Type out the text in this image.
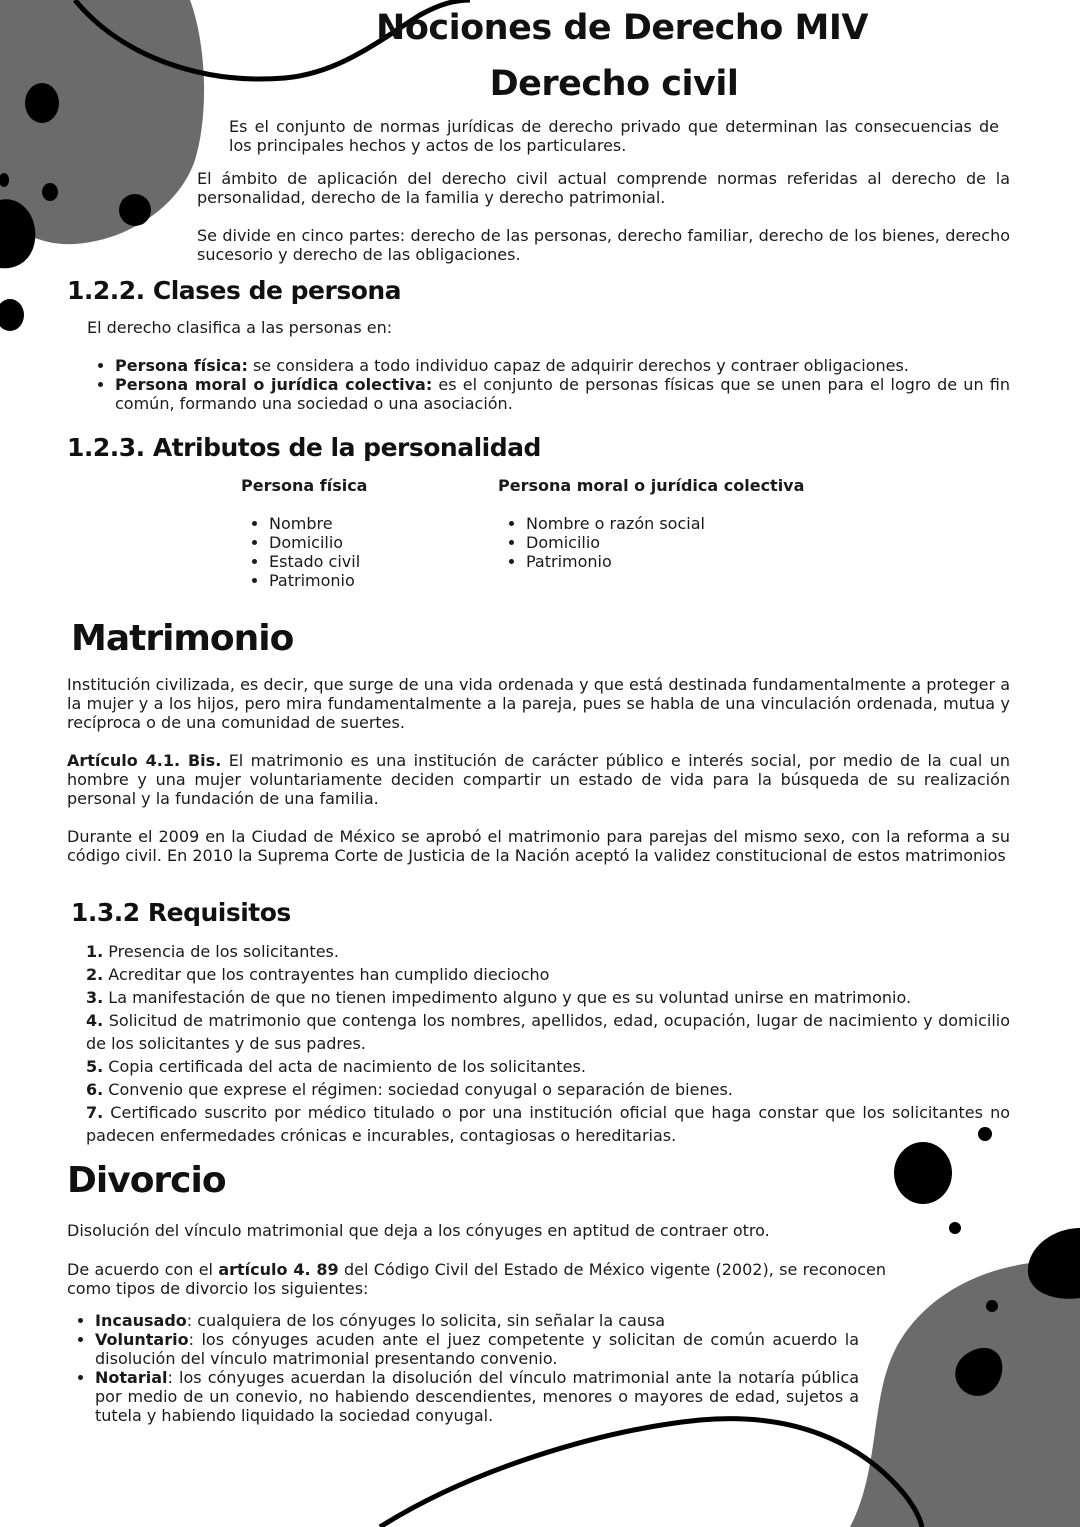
Nociones de Derecho MIV
Derecho civil

Es el conjunto de normas jurídicas de derecho privado que determinan las consecuencias de los principales hechos y actos de los particulares.

El ámbito de aplicación del derecho civil actual comprende normas referidas al derecho de la personalidad, derecho de la familia y derecho patrimonial.

Se divide en cinco partes: derecho de las personas, derecho familiar, derecho de los bienes, derecho sucesorio y derecho de las obligaciones.

1.2.2. Clases de persona

El derecho clasifica a las personas en:

• Persona física: se considera a todo individuo capaz de adquirir derechos y contraer obligaciones.
• Persona moral o jurídica colectiva: es el conjunto de personas físicas que se unen para el logro de un fin común, formando una sociedad o una asociación.
1.2.3. Atributos de la personalidad
Persona física
• Nombre
• Domicilio
• Estado civil
• Patrimonio
Persona moral o jurídica colectiva
• Nombre o razón social
• Domicilio
• Patrimonio
Matrimonio

Institución civilizada, es decir, que surge de una vida ordenada y que está destinada fundamentalmente a proteger a la mujer y a los hijos, pero mira fundamentalmente a la pareja, pues se habla de una vinculación ordenada, mutua y recíproca o de una comunidad de suertes.

Artículo 4.1. Bis. El matrimonio es una institución de carácter público e interés social, por medio de la cual un hombre y una mujer voluntariamente deciden compartir un estado de vida para la búsqueda de su realización personal y la fundación de una familia.

Durante el 2009 en la Ciudad de México se aprobó el matrimonio para parejas del mismo sexo, con la reforma a su código civil. En 2010 la Suprema Corte de Justicia de la Nación aceptó la validez constitucional de estos matrimonios

1.3.2 Requisitos

1. Presencia de los solicitantes.

2. Acreditar que los contrayentes han cumplido dieciocho

3. La manifestación de que no tienen impedimento alguno y que es su voluntad unirse en matrimonio.

4. Solicitud de matrimonio que contenga los nombres, apellidos, edad, ocupación, lugar de nacimiento y domicilio de los solicitantes y de sus padres.

5. Copia certificada del acta de nacimiento de los solicitantes.

6. Convenio que exprese el régimen: sociedad conyugal o separación de bienes.

7. Certificado suscrito por médico titulado o por una institución oficial que haga constar que los solicitantes no padecen enfermedades crónicas e incurables, contagiosas o hereditarias.

Divorcio

Disolución del vínculo matrimonial que deja a los cónyuges en aptitud de contraer otro.

De acuerdo con el artículo 4. 89 del Código Civil del Estado de México vigente (2002), se reconocen como tipos de divorcio los siguientes:

• Incausado: cualquiera de los cónyuges lo solicita, sin señalar la causa
• Voluntario: los cónyuges acuden ante el juez competente y solicitan de común acuerdo la disolución del vínculo matrimonial presentando convenio.
• Notarial: los cónyuges acuerdan la disolución del vínculo matrimonial ante la notaría pública por medio de un conevio, no habiendo descendientes, menores o mayores de edad, sujetos a tutela y habiendo liquidado la sociedad conyugal.
